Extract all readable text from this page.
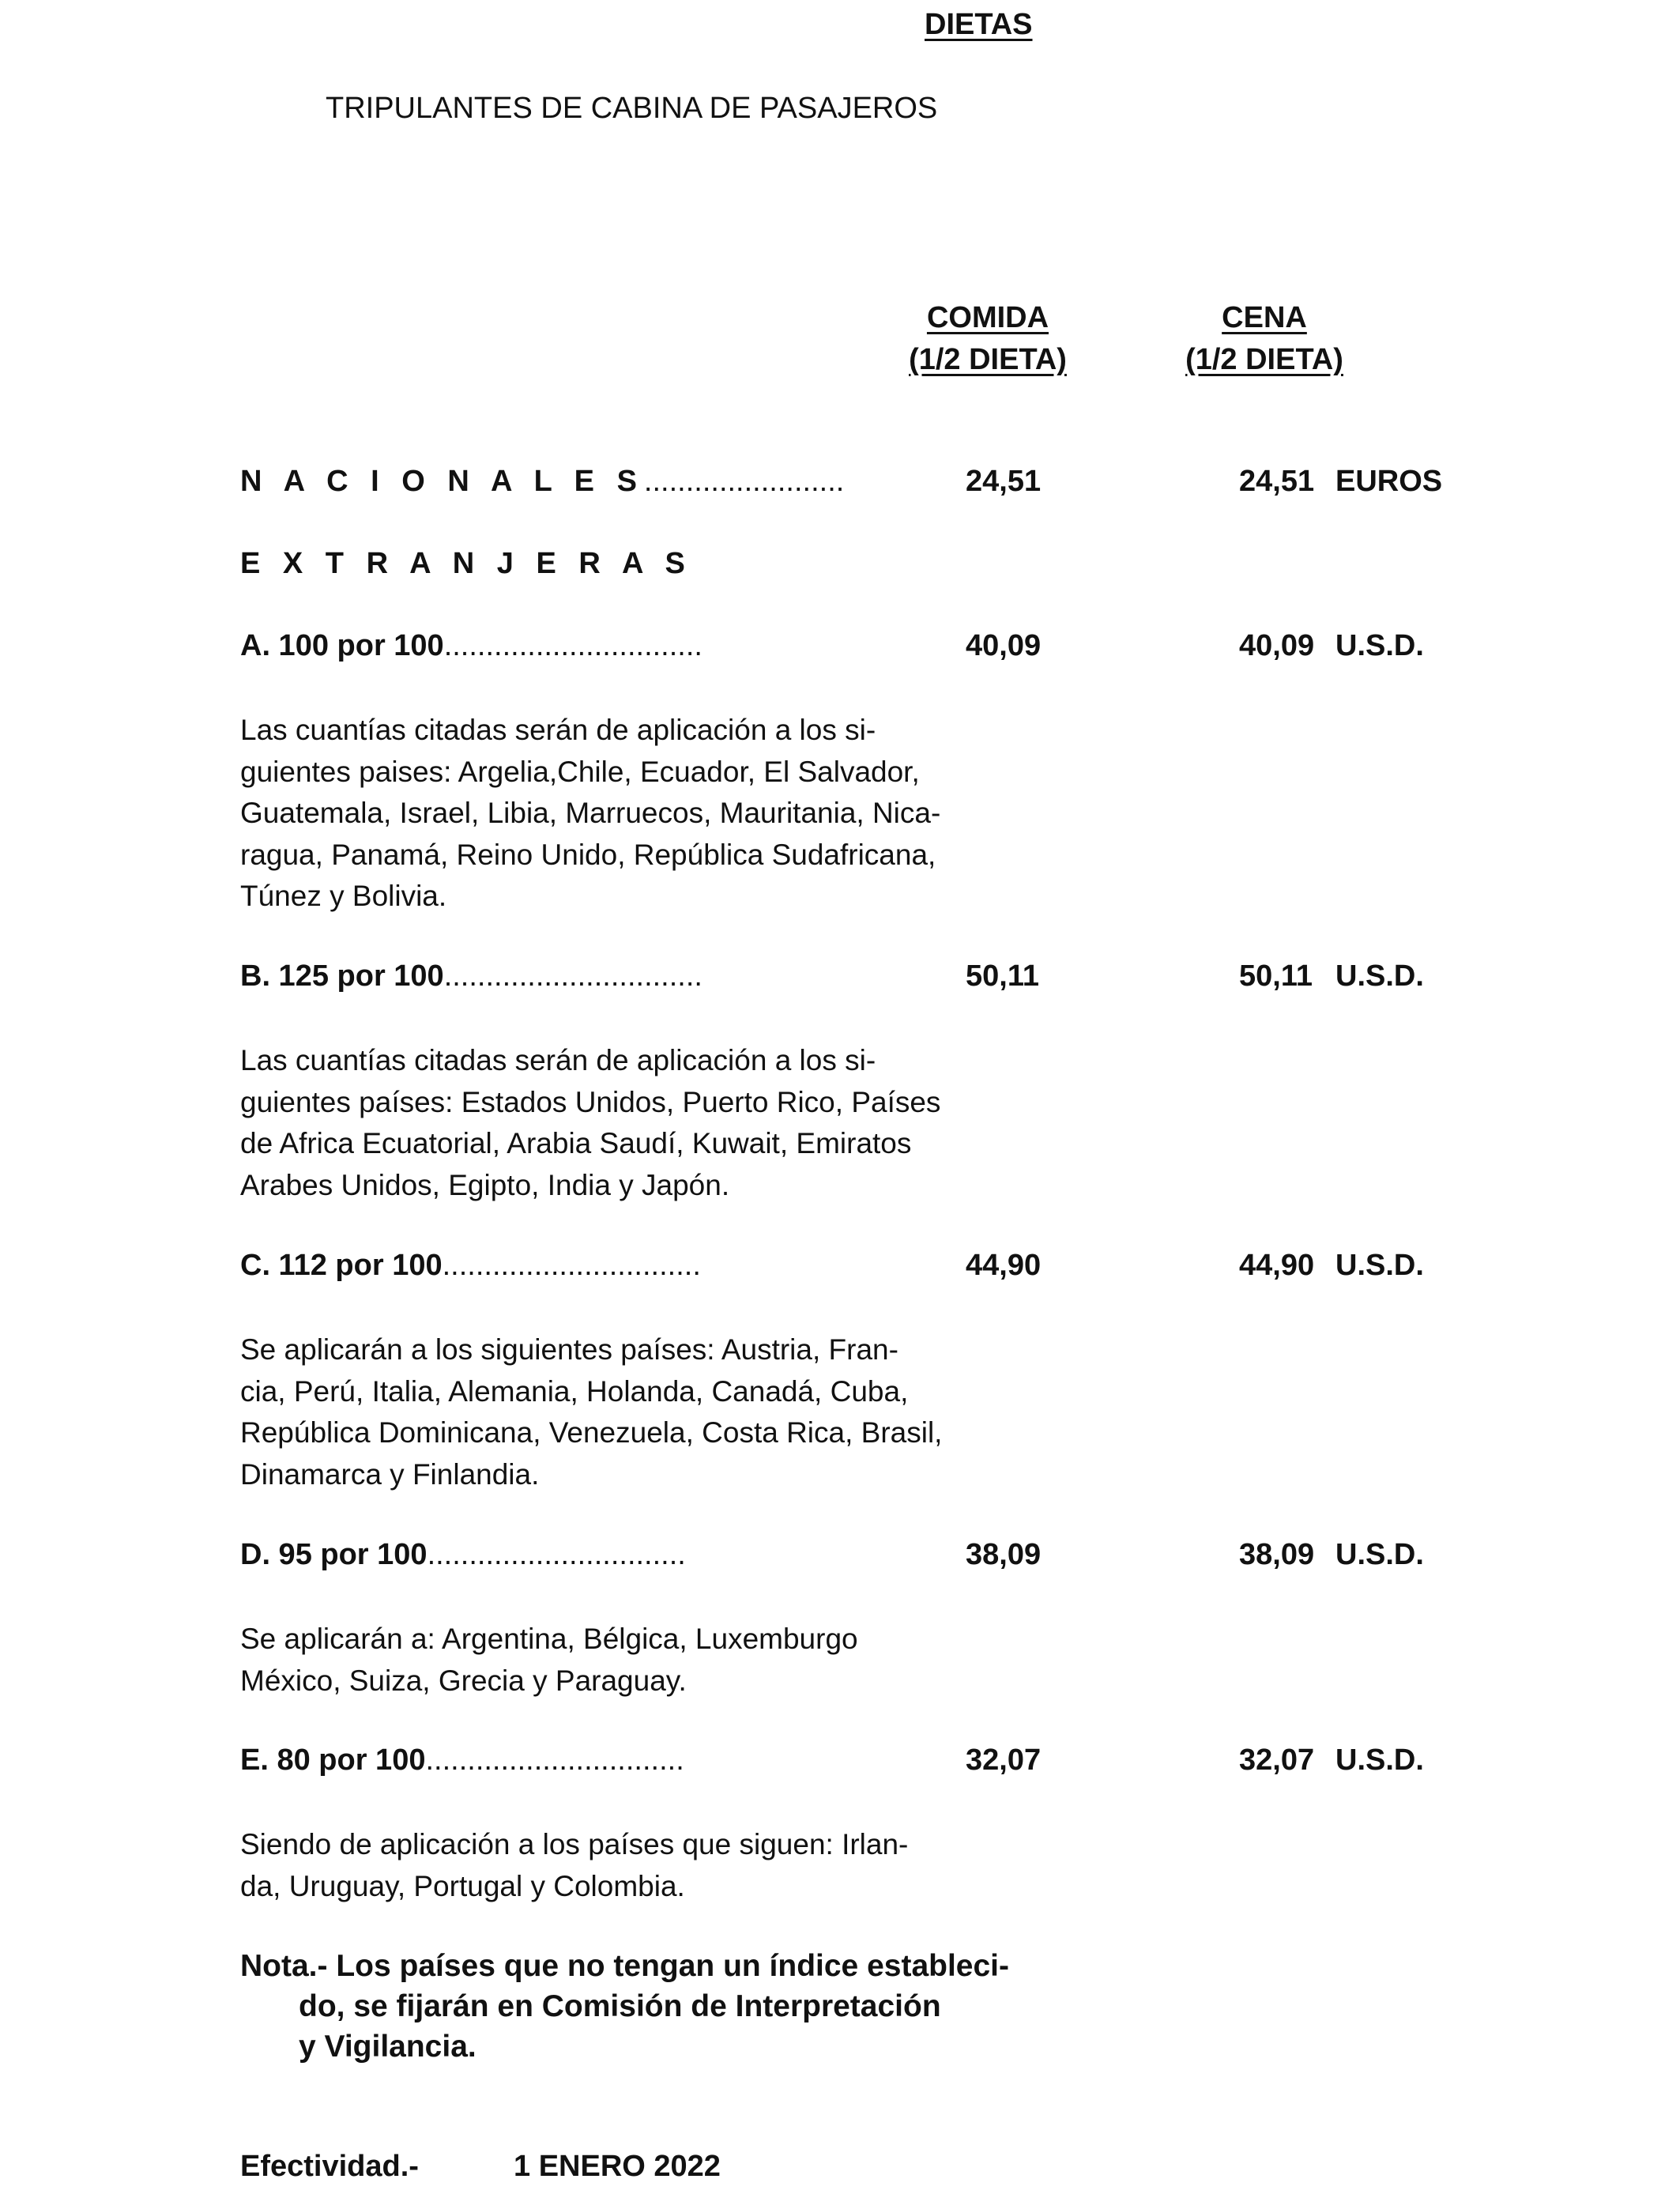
DIETAS
TRIPULANTES DE CABINA DE PASAJEROS
COMIDA
(1/2 DIETA)
CENA
(1/2 DIETA)
N A C I O N A L E S........................	24,51	24,51 EUROS
E X T R A N J E R A S
A. 100 por 100...............................	40,09	40,09 U.S.D.
Las cuantías citadas serán de aplicación a los si-
guientes paises: Argelia,Chile, Ecuador, El Salvador,
Guatemala, Israel, Libia, Marruecos, Mauritania, Nica-
ragua, Panamá, Reino Unido, República Sudafricana,
Túnez y Bolivia.
B. 125 por 100...............................	50,11	50,11 U.S.D.
Las cuantías citadas serán de aplicación a los si-
guientes países: Estados Unidos, Puerto Rico, Países
de Africa Ecuatorial, Arabia Saudí, Kuwait, Emiratos
Arabes Unidos, Egipto, India y Japón.
C. 112 por 100...............................	44,90	44,90 U.S.D.
Se aplicarán a los siguientes países: Austria, Fran-
cia, Perú, Italia, Alemania, Holanda, Canadá, Cuba,
República Dominicana, Venezuela, Costa Rica, Brasil,
Dinamarca y Finlandia.
D. 95 por 100...............................	38,09	38,09 U.S.D.
Se aplicarán a: Argentina, Bélgica, Luxemburgo
México, Suiza, Grecia y Paraguay.
E. 80 por 100...............................	32,07	32,07 U.S.D.
Siendo de aplicación a los países que siguen: Irlan-
da, Uruguay, Portugal y Colombia.
Nota.- Los países que no tengan un índice estableci-
do, se fijarán en Comisión de Interpretación
y Vigilancia.
Efectividad.-	1 ENERO 2022
